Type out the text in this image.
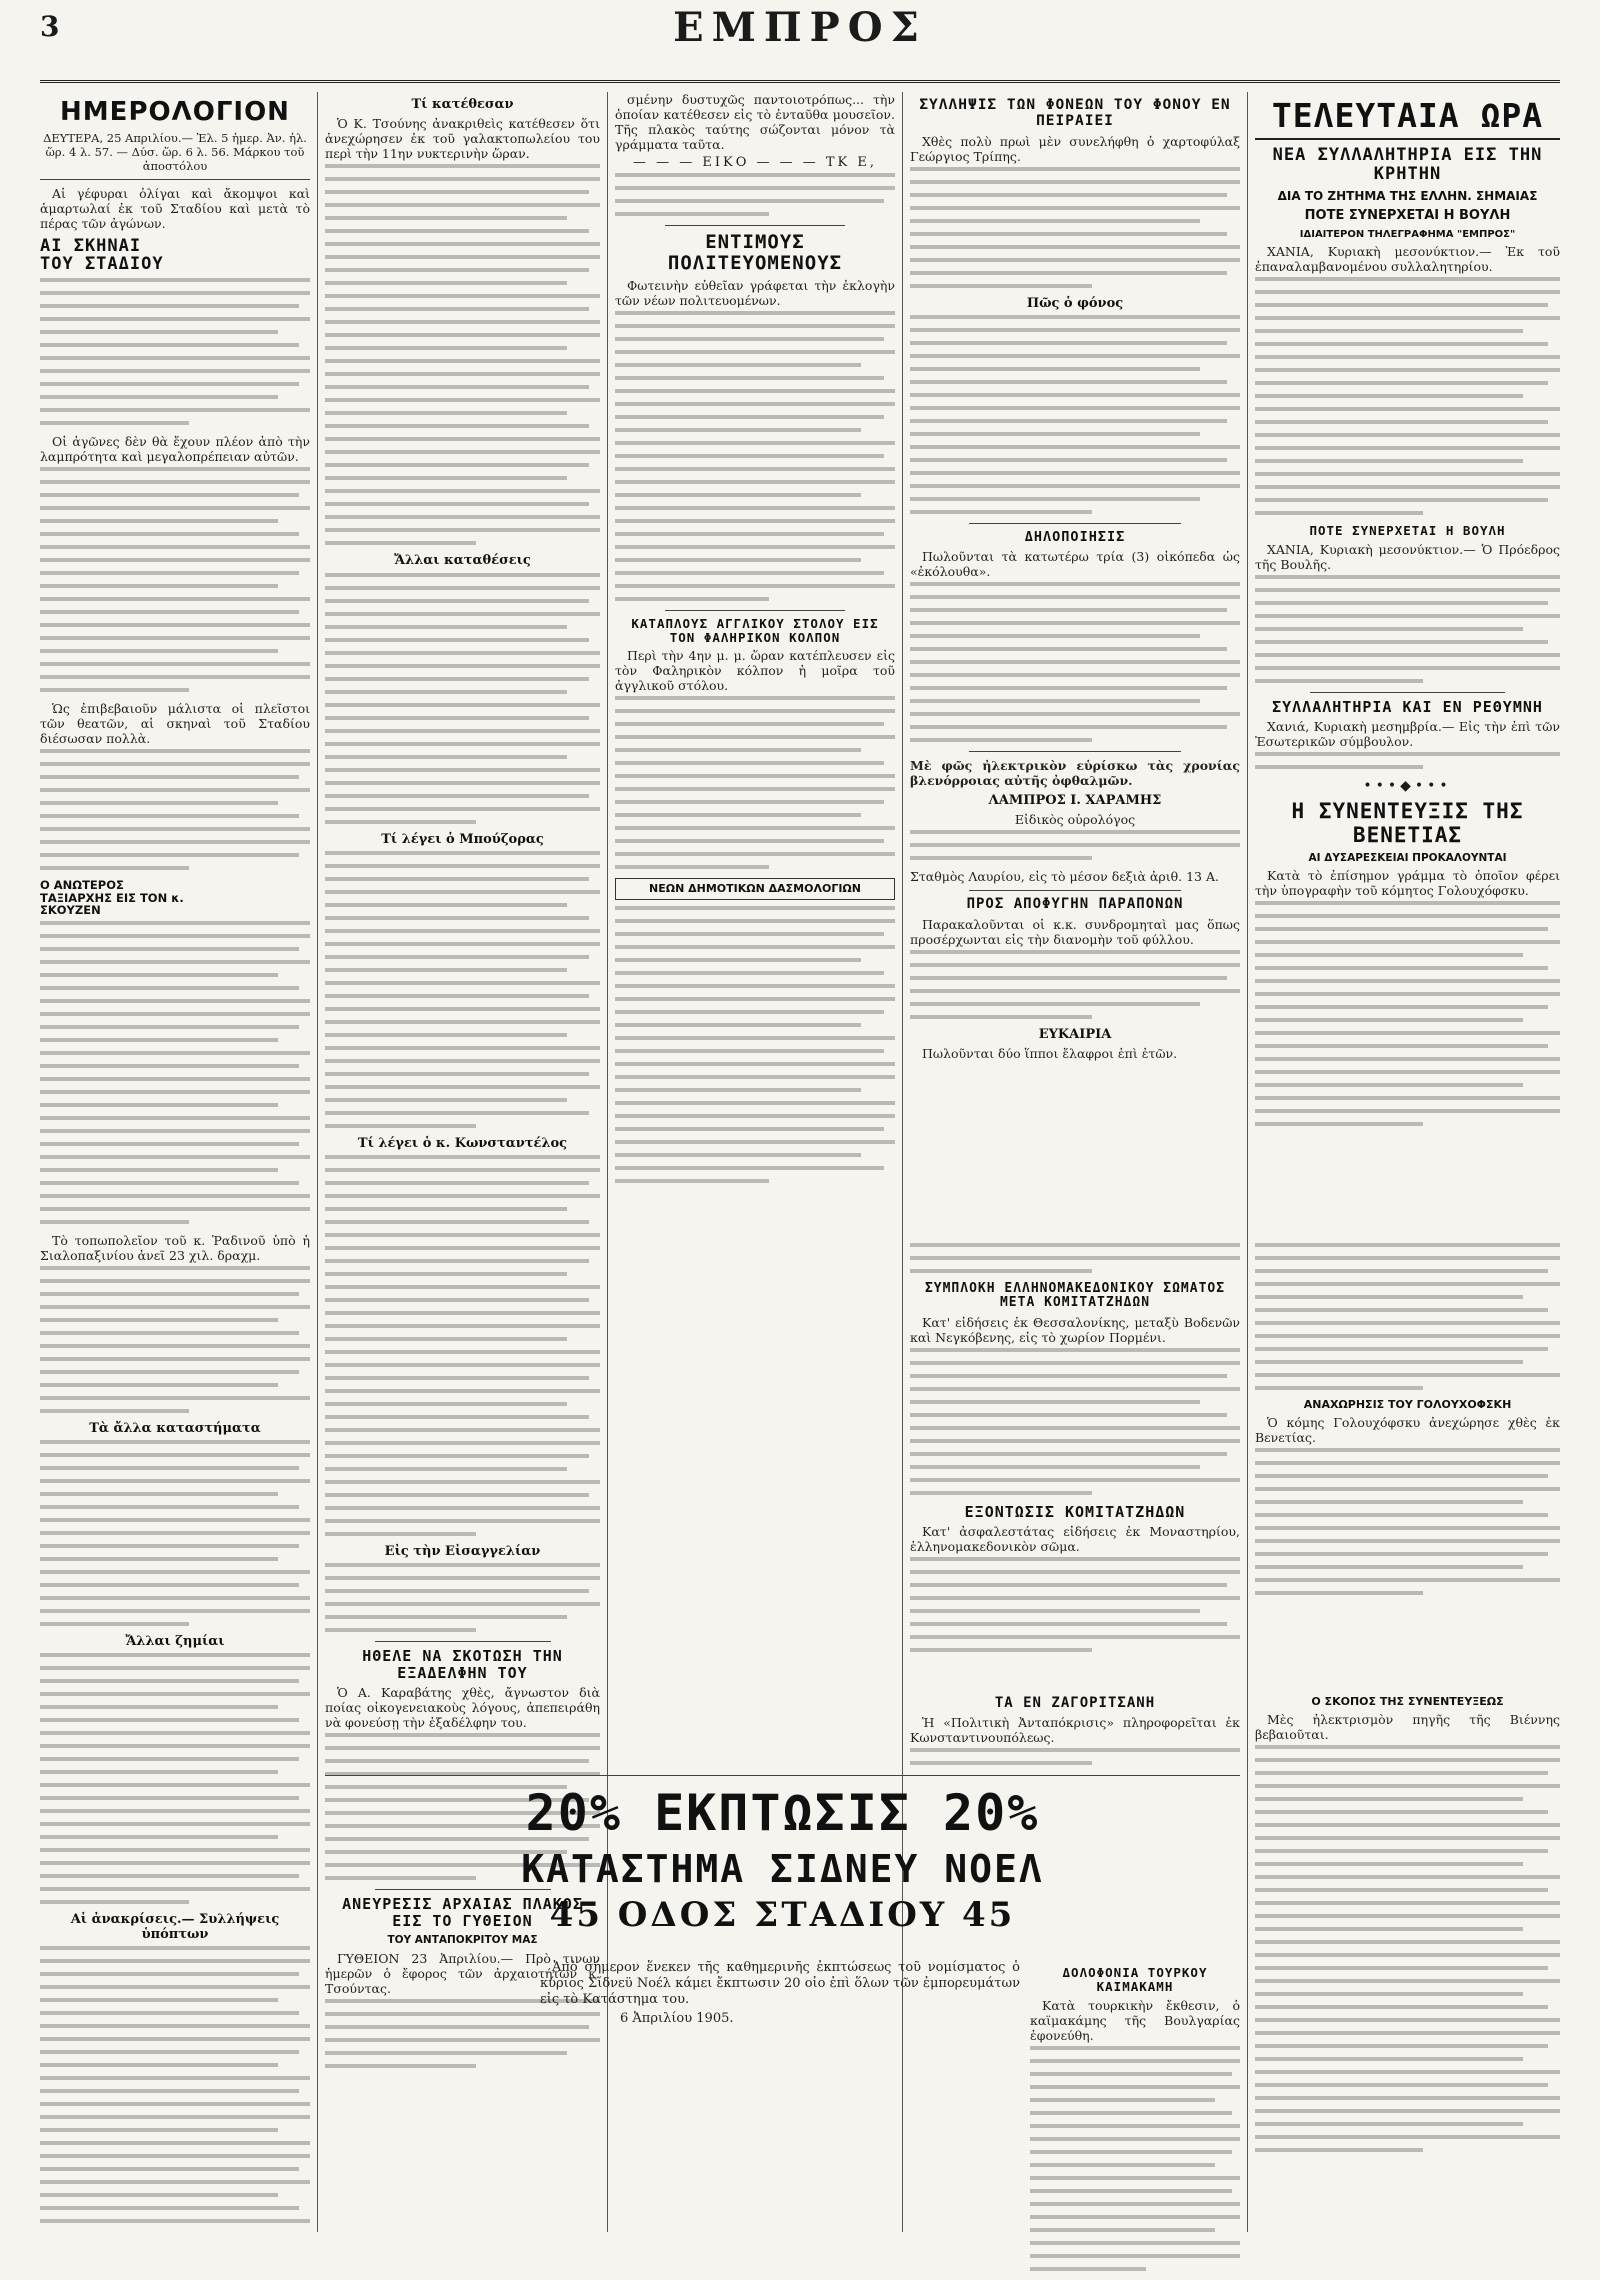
3	ΕΜΠΡΟΣ
ΗΜΕΡΟΛΟΓΙΟΝ
ΔΕΥΤΕΡΑ, 25 Απριλίου.— Ἐλ. 5 ἡμερ. Ἀν. ἡλ. ὥρ. 4 λ. 57. — Δύσ. ὥρ. 6 λ. 56. Μάρκου τοῦ ἀποστόλου
Αἱ γέφυραι ὀλίγαι καὶ ἄκομψοι καὶ ἁμαρτωλαί ἐκ τοῦ Σταδίου καὶ μετὰ τὸ πέρας τῶν ἀγώνων.
ΑΙ ΣΚΗΝΑΙ ΤΟΥ ΣΤΑΔΙΟΥ
Οἱ ἀγῶνες δὲν θὰ ἔχουν πλέον ἀπὸ τὴν λαμπρότητα καὶ μεγαλοπρέπειαν αὐτῶν.
Ὡς ἐπιβεβαιοῦν μάλιστα οἱ πλεῖστοι τῶν θεατῶν, αἱ σκηναὶ τοῦ Σταδίου διέσωσαν πολλὰ.
Ο ΑΝΩΤΕΡΟΣ ΤΑΞΙΑΡΧΗΣ ΕΙΣ ΤΟΝ κ. ΣΚΟΥΖΕΝ
Τὸ τοπωπολεῖον τοῦ κ. Ῥαδινοῦ ὑπὸ ἡ Σιαλοπαξινίου ἀνεῖ 23 χιλ. δραχμ.
Τὰ ἄλλα καταστήματα
Ἄλλαι ζημίαι
Αἱ ἀνακρίσεις.— Συλλήψεις ὑπόπτων
Τί κατέθεσαν
Ὁ Κ. Τσούνης ἀνακριθεὶς κατέθεσεν ὅτι ἀνεχώρησεν ἐκ τοῦ γαλακτοπωλείου του περὶ τὴν 11ην νυκτερινὴν ὥραν.
Ἄλλαι καταθέσεις
Τί λέγει ὁ Μπούζορας
Τί λέγει ὁ κ. Κωνσταντέλος
Εἰς τὴν Εἰσαγγελίαν
ΗΘΕΛΕ ΝΑ ΣΚΟΤΩΣΗ ΤΗΝ ΕΞΑΔΕΛΦΗΝ ΤΟΥ
Ὁ Α. Καραβάτης χθὲς, ἄγνωστον διὰ ποίας οἰκογενειακοὺς λόγους, ἀπεπειράθη νὰ φονεύσῃ τὴν ἐξαδέλφην του.
ΑΝΕΥΡΕΣΙΣ ΑΡΧΑΙΑΣ ΠΛΑΚΟΣ ΕΙΣ ΤΟ ΓΥΘΕΙΟΝ
ΤΟΥ ΑΝΤΑΠΟΚΡΙΤΟΥ ΜΑΣ
ΓΥΘΕΙΟΝ 23 Ἀπριλίου.— Πρὸ τινων ἡμερῶν ὁ ἔφορος τῶν ἀρχαιοτήτων κ. Τσούντας.
σμένην δυστυχῶς παντοιοτρόπως... τὴν ὁποίαν κατέθεσεν εἰς τὸ ἐνταῦθα μουσεῖον. Τῆς πλακὸς ταύτης σώζονται μόνον τὰ γράμματα ταῦτα.
— — — ΕΙΚΟ — — — ΤΚ Ε,
ΕΝΤΙΜΟΥΣ ΠΟΛΙΤΕΥΟΜΕΝΟΥΣ
Φωτεινὴν εὐθεῖαν γράφεται τὴν ἐκλογὴν τῶν νέων πολιτευομένων.
ΚΑΤΑΠΛΟΥΣ ΑΓΓΛΙΚΟΥ ΣΤΟΛΟΥ ΕΙΣ ΤΟΝ ΦΑΛΗΡΙΚΟΝ ΚΟΛΠΟΝ
Περὶ τὴν 4ην μ. μ. ὥραν κατέπλευσεν εἰς τὸν Φαληρικὸν κόλπον ἡ μοῖρα τοῦ ἀγγλικοῦ στόλου.
ΝΕΩΝ ΔΗΜΟΤΙΚΩΝ ΔΑΣΜΟΛΟΓΙΩΝ
ΣΥΛΛΗΨΙΣ ΤΩΝ ΦΟΝΕΩΝ ΤΟΥ ΦΟΝΟΥ ΕΝ ΠΕΙΡΑΙΕΙ
Χθὲς πολὺ πρωὶ μὲν συνελήφθη ὁ χαρτοφύλαξ Γεώργιος Τρίπης.
Πῶς ὁ φόνος
ΔΗΛΟΠΟΙΗΣΙΣ
Πωλοῦνται τὰ κατωτέρω τρία (3) οἰκόπεδα ὡς «ἐκόλουθα».
Μὲ φῶς ἠλεκτρικὸν εὑρίσκω τὰς χρονίας βλενόρροιας αὐτῆς ὀφθαλμῶν.
ΛΑΜΠΡΟΣ Ι. ΧΑΡΑΜΗΣ
Εἰδικὸς οὐρολόγος
Σταθμὸς Λαυρίου, εἰς τὸ μέσον δεξιὰ ἀριθ. 13 Α.
ΠΡΟΣ ΑΠΟΦΥΓΗΝ ΠΑΡΑΠΟΝΩΝ
Παρακαλοῦνται οἱ κ.κ. συνδρομηταὶ μας ὅπως προσέρχωνται εἰς τὴν διανομὴν τοῦ φύλλου.
ΕΥΚΑΙΡΙΑ
Πωλοῦνται δύο ἵπποι ἔλαφροι ἐπὶ ἐτῶν.
ΤΕΛΕΥΤΑΙΑ ΩΡΑ
ΝΕΑ ΣΥΛΛΑΛΗΤΗΡΙΑ ΕΙΣ ΤΗΝ ΚΡΗΤΗΝ
ΔΙΑ ΤΟ ΖΗΤΗΜΑ ΤΗΣ ΕΛΛΗΝ. ΣΗΜΑΙΑΣ
ΠΟΤΕ ΣΥΝΕΡΧΕΤΑΙ Η ΒΟΥΛΗ
ΙΔΙΑΙΤΕΡΟΝ ΤΗΛΕΓΡΑΦΗΜΑ "ΕΜΠΡΟΣ"
ΧΑΝΙΑ, Κυριακὴ μεσονύκτιον.— Ἐκ τοῦ ἐπαναλαμβανομένου συλλαλητηρίου.
ΠΟΤΕ ΣΥΝΕΡΧΕΤΑΙ Η ΒΟΥΛΗ
ΧΑΝΙΑ, Κυριακὴ μεσονύκτιον.— Ὁ Πρόεδρος τῆς Βουλῆς.
ΣΥΛΛΑΛΗΤΗΡΙΑ ΚΑΙ ΕΝ ΡΕΘΥΜΝΗ
Χανιά, Κυριακὴ μεσημβρία.— Εἰς τὴν ἐπὶ τῶν Ἐσωτερικῶν σύμβουλον.
•••◆•••
Η ΣΥΝΕΝΤΕΥΞΙΣ ΤΗΣ ΒΕΝΕΤΙΑΣ
ΑΙ ΔΥΣΑΡΕΣΚΕΙΑΙ ΠΡΟΚΑΛΟΥΝΤΑΙ
Κατὰ τὸ ἐπίσημον γράμμα τὸ ὁποῖον φέρει τὴν ὑπογραφὴν τοῦ κόμητος Γολουχόφσκυ.
ΣΥΜΠΛΟΚΗ ΕΛΛΗΝΟΜΑΚΕΔΟΝΙΚΟΥ ΣΩΜΑΤΟΣ ΜΕΤΑ ΚΟΜΙΤΑΤΖΗΔΩΝ
Κατ' εἰδήσεις ἐκ Θεσσαλονίκης, μεταξὺ Βοδενῶν καὶ Νεγκόβενης, εἰς τὸ χωρίον Πορμένι.
ΕΞΟΝΤΩΣΙΣ ΚΟΜΙΤΑΤΖΗΔΩΝ
Κατ' ἀσφαλεστάτας εἰδήσεις ἐκ Μοναστηρίου, ἑλληνομακεδονικὸν σῶμα.
ΑΝΑΧΩΡΗΣΙΣ ΤΟΥ ΓΟΛΟΥΧΟΦΣΚΗ
Ὁ κόμης Γολουχόφσκυ ἀνεχώρησε χθὲς ἐκ Βενετίας.
20% ΕΚΠΤΩΣΙΣ 20%
ΚΑΤΑΣΤΗΜΑ ΣΙΔΝΕΥ ΝΟΕΛ
45 ΟΔΟΣ ΣΤΑΔΙΟΥ 45
Ἀπὸ σήμερον ἕνεκεν τῆς καθημερινῆς ἐκπτώσεως τοῦ νομίσματος ὁ κύριος Σίδνεϋ Νοέλ κάμει ἔκπτωσιν 20 οἰο ἐπὶ ὅλων τῶν ἐμπορευμάτων εἰς τὸ Κατάστημα του.
6 Ἀπριλίου 1905.
Ο ΣΚΟΠΟΣ ΤΗΣ ΣΥΝΕΝΤΕΥΞΕΩΣ
Μὲς ἠλεκτρισμὸν πηγῆς τῆς Βιέννης βεβαιοῦται.
ΤΑ ΕΝ ΖΑΓΟΡΙΤΣΑΝΗ
Ἡ «Πολιτικὴ Ἀνταπόκρισις» πληροφορεῖται ἐκ Κωνσταντινουπόλεως.
ΔΟΛΟΦΟΝΙΑ ΤΟΥΡΚΟΥ ΚΑΙΜΑΚΑΜΗ
Κατὰ τουρκικὴν ἔκθεσιν, ὁ καϊμακάμης τῆς Βουλγαρίας ἐφονεύθη.
